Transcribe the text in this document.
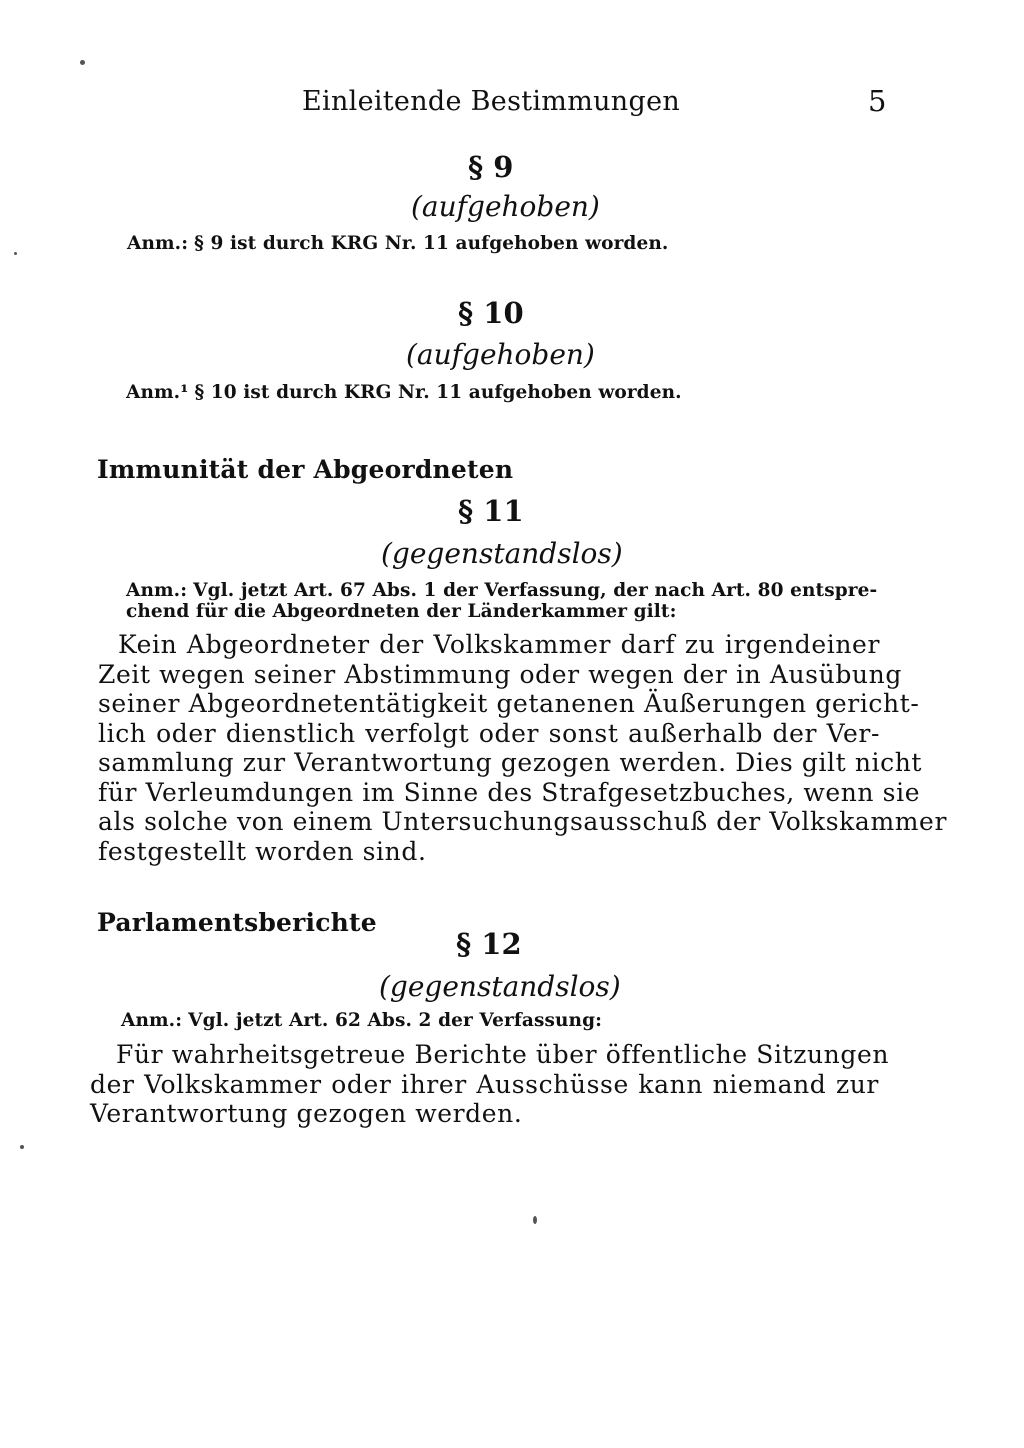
Einleitende Bestimmungen	5
§ 9
(aufgehoben)
Anm.: § 9 ist durch KRG Nr. 11 aufgehoben worden.
§ 10
(aufgehoben)
Anm.¹ § 10 ist durch KRG Nr. 11 aufgehoben worden.
Immunität der Abgeordneten
§ 11
(gegenstandslos)
Anm.: Vgl. jetzt Art. 67 Abs. 1 der Verfassung, der nach Art. 80 entspre-
chend für die Abgeordneten der Länderkammer gilt:
Kein Abgeordneter der Volkskammer darf zu irgendeiner
Zeit wegen seiner Abstimmung oder wegen der in Ausübung
seiner Abgeordnetentätigkeit getanenen Äußerungen gericht-
lich oder dienstlich verfolgt oder sonst außerhalb der Ver-
sammlung zur Verantwortung gezogen werden. Dies gilt nicht
für Verleumdungen im Sinne des Strafgesetzbuches, wenn sie
als solche von einem Untersuchungsausschuß der Volkskammer
festgestellt worden sind.
Parlamentsberichte
§ 12
(gegenstandslos)
Anm.: Vgl. jetzt Art. 62 Abs. 2 der Verfassung:
Für wahrheitsgetreue Berichte über öffentliche Sitzungen
der Volkskammer oder ihrer Ausschüsse kann niemand zur
Verantwortung gezogen werden.
